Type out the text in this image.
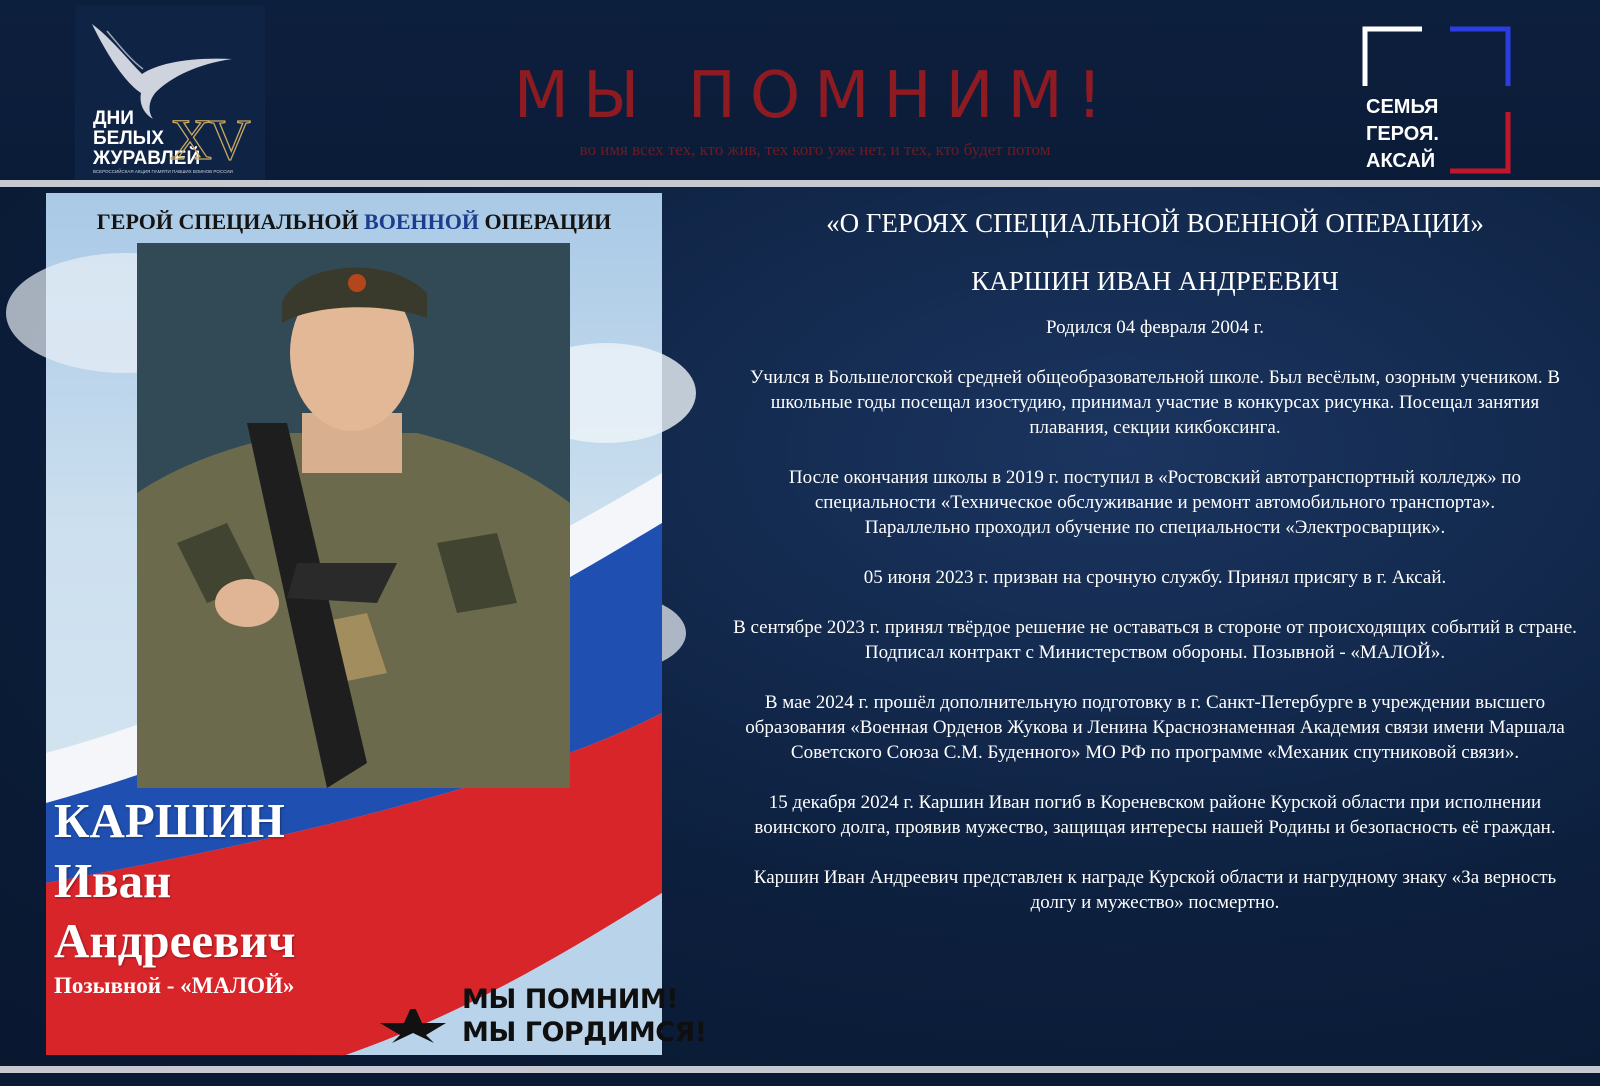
ДНИ
БЕЛЫХ
ЖУРАВЛЕЙ
XV
ВСЕРОССИЙСКАЯ АКЦИЯ ПАМЯТИ ПАВШИХ ВОИНОВ РОССИИ
МЫ ПОМНИМ!
во имя всех тех, кто жив, тех кого уже нет, и тех, кто будет потом
СЕМЬЯ
ГЕРОЯ.
АКСАЙ
ГЕРОЙ СПЕЦИАЛЬНОЙ ВОЕННОЙ ОПЕРАЦИИ
КАРШИН
Иван
Андреевич
Позывной - «МАЛОЙ»	МЫ ПОМНИМ!
МЫ ГОРДИМСЯ!
«О ГЕРОЯХ СПЕЦИАЛЬНОЙ ВОЕННОЙ ОПЕРАЦИИ»
КАРШИН ИВАН АНДРЕЕВИЧ
Родился 04 февраля 2004 г.
Учился в Большелогской средней общеобразовательной школе. Был весёлым, озорным учеником. В школьные годы посещал изостудию, принимал участие в конкурсах рисунка. Посещал занятия плавания, секции кикбоксинга.
После окончания школы в 2019 г. поступил в «Ростовский автотранспортный колледж» по специальности «Техническое обслуживание и ремонт автомобильного транспорта».
Параллельно проходил обучение по специальности «Электросварщик».
05 июня 2023 г. призван на срочную службу. Принял присягу в г. Аксай.
В сентябре 2023 г. принял твёрдое решение не оставаться в стороне от происходящих событий в стране. Подписал контракт с Министерством обороны. Позывной - «МАЛОЙ».
В мае 2024 г. прошёл дополнительную подготовку в г. Санкт-Петербурге в учреждении высшего образования «Военная Орденов Жукова и Ленина Краснознаменная Академия связи имени Маршала Советского Союза С.М. Буденного» МО РФ по программе «Механик спутниковой связи».
15 декабря 2024 г. Каршин Иван погиб в Кореневском районе Курской области при исполнении воинского долга, проявив мужество, защищая интересы нашей Родины и безопасность её граждан.
Каршин Иван Андреевич представлен к награде Курской области и нагрудному знаку «За верность долгу и мужество» посмертно.
